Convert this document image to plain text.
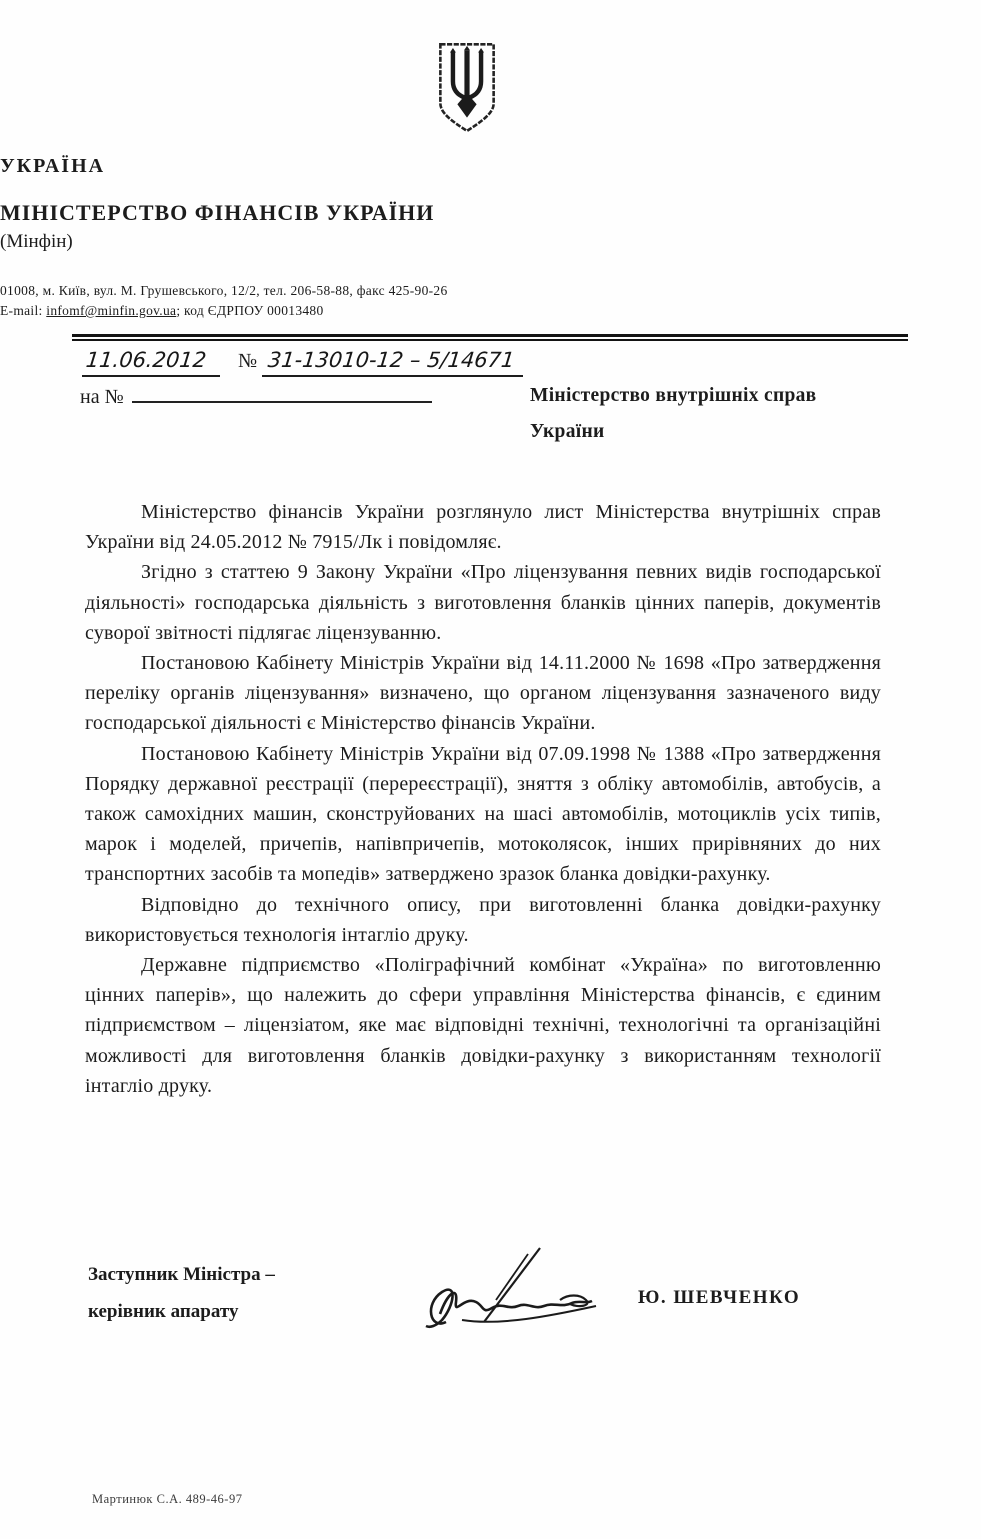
УКРАЇНА
МІНІСТЕРСТВО ФІНАНСІВ УКРАЇНИ
(Мінфін)
01008, м. Київ, вул. М. Грушевського, 12/2, тел. 206-58-88, факс 425-90-26
E-mail: infomf@minfin.gov.ua; код ЄДРПОУ 00013480
11.06.2012	№ 31-13010-12 – 5/14671
на №	Міністерство внутрішніх справ
України

Міністерство фінансів України розглянуло лист Міністерства внутрішніх справ України від 24.05.2012 № 7915/Лк і повідомляє.

Згідно з статтею 9 Закону України «Про ліцензування певних видів господарської діяльності» господарська діяльність з виготовлення бланків цінних паперів, документів суворої звітності підлягає ліцензуванню.

Постановою Кабінету Міністрів України від 14.11.2000 № 1698 «Про затвердження переліку органів ліцензування» визначено, що органом ліцензування зазначеного виду господарської діяльності є Міністерство фінансів України.

Постановою Кабінету Міністрів України від 07.09.1998 № 1388 «Про затвердження Порядку державної реєстрації (перереєстрації), зняття з обліку автомобілів, автобусів, а також самохідних машин, сконструйованих на шасі автомобілів, мотоциклів усіх типів, марок і моделей, причепів, напівпричепів, мотоколясок, інших прирівняних до них транспортних засобів та мопедів» затверджено зразок бланка довідки-рахунку.

Відповідно до технічного опису, при виготовленні бланка довідки-рахунку використовується технологія інтагліо друку.

Державне підприємство «Поліграфічний комбінат «Україна» по виготовленню цінних паперів», що належить до сфери управління Міністерства фінансів, є єдиним підприємством – ліцензіатом, яке має відповідні технічні, технологічні та організаційні можливості для виготовлення бланків довідки-рахунку з використанням технології інтагліо друку.

Заступник Міністра –
керівник апарату
Ю. ШЕВЧЕНКО
Мартинюк С.А. 489-46-97
